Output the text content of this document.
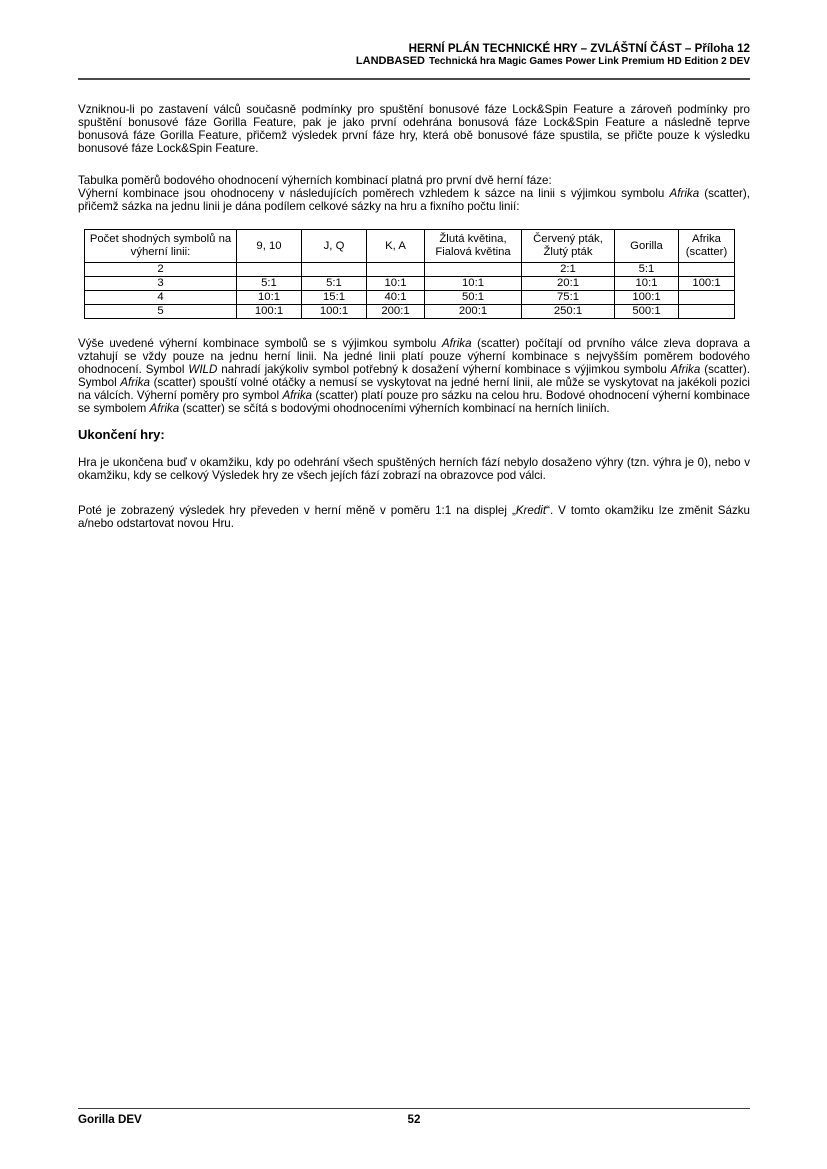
HERNÍ PLÁN TECHNICKÉ HRY – ZVLÁŠTNÍ ČÁST – Příloha 12
LANDBASED Technická hra Magic Games Power Link Premium HD Edition 2 DEV

Vzniknou-li po zastavení válců současně podmínky pro spuštění bonusové fáze Lock&Spin Feature a zároveň podmínky pro spuštění bonusové fáze Gorilla Feature, pak je jako první odehrána bonusová fáze Lock&Spin Feature a následně teprve bonusová fáze Gorilla Feature, přičemž výsledek první fáze hry, která obě bonusové fáze spustila, se přičte pouze k výsledku bonusové fáze Lock&Spin Feature.

Tabulka poměrů bodového ohodnocení výherních kombinací platná pro první dvě herní fáze:
Výherní kombinace jsou ohodnoceny v následujících poměrech vzhledem k sázce na linii s výjimkou symbolu Afrika (scatter), přičemž sázka na jednu linii je dána podílem celkové sázky na hru a fixního počtu linií:

Počet shodných symbolů na výherní linii:	9, 10	J, Q	K, A	Žlutá květina, Fialová květina	Červený pták, Žlutý pták	Gorilla	Afrika (scatter)
2					2:1	5:1	
3	5:1	5:1	10:1	10:1	20:1	10:1	100:1
4	10:1	15:1	40:1	50:1	75:1	100:1	
5	100:1	100:1	200:1	200:1	250:1	500:1	

Výše uvedené výherní kombinace symbolů se s výjimkou symbolu Afrika (scatter) počítají od prvního válce zleva doprava a vztahují se vždy pouze na jednu herní linii. Na jedné linii platí pouze výherní kombinace s nejvyšším poměrem bodového ohodnocení. Symbol WILD nahradí jakýkoliv symbol potřebný k dosažení výherní kombinace s výjimkou symbolu Afrika (scatter). Symbol Afrika (scatter) spouští volné otáčky a nemusí se vyskytovat na jedné herní linii, ale může se vyskytovat na jakékoli pozici na válcích. Výherní poměry pro symbol Afrika (scatter) platí pouze pro sázku na celou hru. Bodové ohodnocení výherní kombinace se symbolem Afrika (scatter) se sčítá s bodovými ohodnoceními výherních kombinací na herních liniích.

Ukončení hry:

Hra je ukončena buď v okamžiku, kdy po odehrání všech spuštěných herních fází nebylo dosaženo výhry (tzn. výhra je 0), nebo v okamžiku, kdy se celkový Výsledek hry ze všech jejích fází zobrazí na obrazovce pod válci.

Poté je zobrazený výsledek hry převeden v herní měně v poměru 1:1 na displej „Kredit“. V tomto okamžiku lze změnit Sázku a/nebo odstartovat novou Hru.

Gorilla DEV	52
